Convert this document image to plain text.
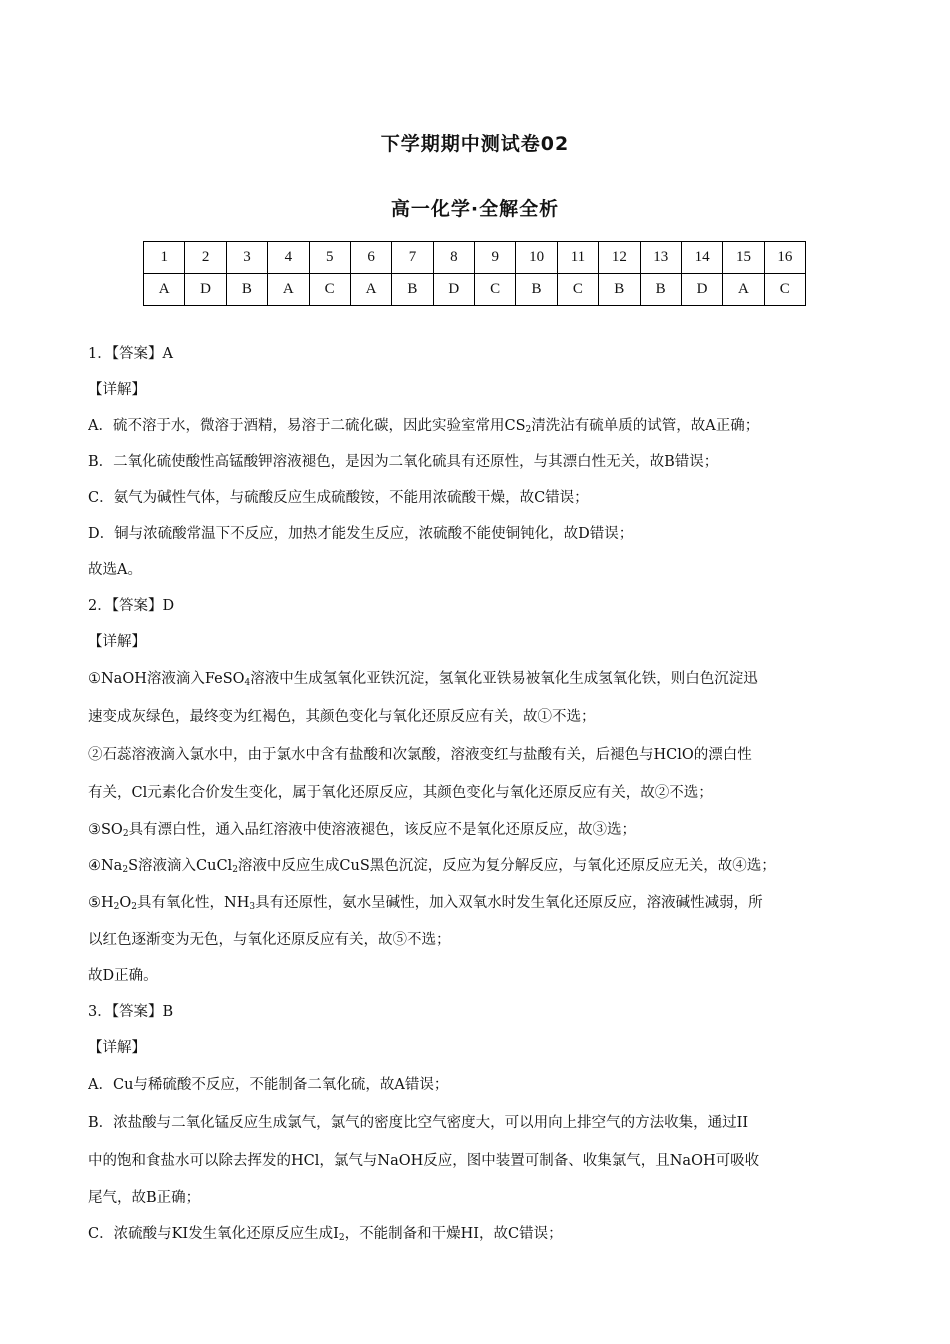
下学期期中测试卷02
高一化学·全解全析
1	2	3	4	5	6	7	8	9	10	11	12	13	14	15	16
A	D	B	A	C	A	B	D	C	B	C	B	B	D	A	C
1．【答案】A
【详解】
A．硫不溶于水，微溶于酒精，易溶于二硫化碳，因此实验室常用$CS_2$清洗沾有硫单质的试管，故A正确；
B．二氧化硫使酸性高锰酸钾溶液褪色，是因为二氧化硫具有还原性，与其漂白性无关，故B错误；
C．氨气为碱性气体，与硫酸反应生成硫酸铵，不能用浓硫酸干燥，故C错误；
D．铜与浓硫酸常温下不反应，加热才能发生反应，浓硫酸不能使铜钝化，故D错误；
故选A。
2．【答案】D
【详解】
①NaOH溶液滴入FeSO$_4$溶液中生成氢氧化亚铁沉淀，氢氧化亚铁易被氧化生成氢氧化铁，则白色沉淀迅
速变成灰绿色，最终变为红褐色，其颜色变化与氧化还原反应有关，故①不选；
②石蕊溶液滴入氯水中，由于氯水中含有盐酸和次氯酸，溶液变红与盐酸有关，后褪色与HClO的漂白性
有关，Cl元素化合价发生变化，属于氧化还原反应，其颜色变化与氧化还原反应有关，故②不选；
$③SO_2$具有漂白性，通入品红溶液中使溶液褪色，该反应不是氧化还原反应，故③选；
$④Na_2S$溶液滴入CuCl$_2$溶液中反应生成CuS黑色沉淀，反应为复分解反应，与氧化还原反应无关，故④选；
$⑤H_2O_2$具有氧化性，$NH_3$具有还原性，氨水呈碱性，加入双氧水时发生氧化还原反应，溶液碱性减弱，所
以红色逐渐变为无色，与氧化还原反应有关，故⑤不选；
故D正确。
3．【答案】B
【详解】
A．Cu与稀硫酸不反应，不能制备二氧化硫，故A错误；
B．浓盐酸与二氧化锰反应生成氯气，氯气的密度比空气密度大，可以用向上排空气的方法收集，通过II
中的饱和食盐水可以除去挥发的HCl，氯气与NaOH反应，图中装置可制备、收集氯气，且NaOH可吸收
尾气，故B正确；
C．浓硫酸与KI发生氧化还原反应生成$I_2$，不能制备和干燥HI，故C错误；
